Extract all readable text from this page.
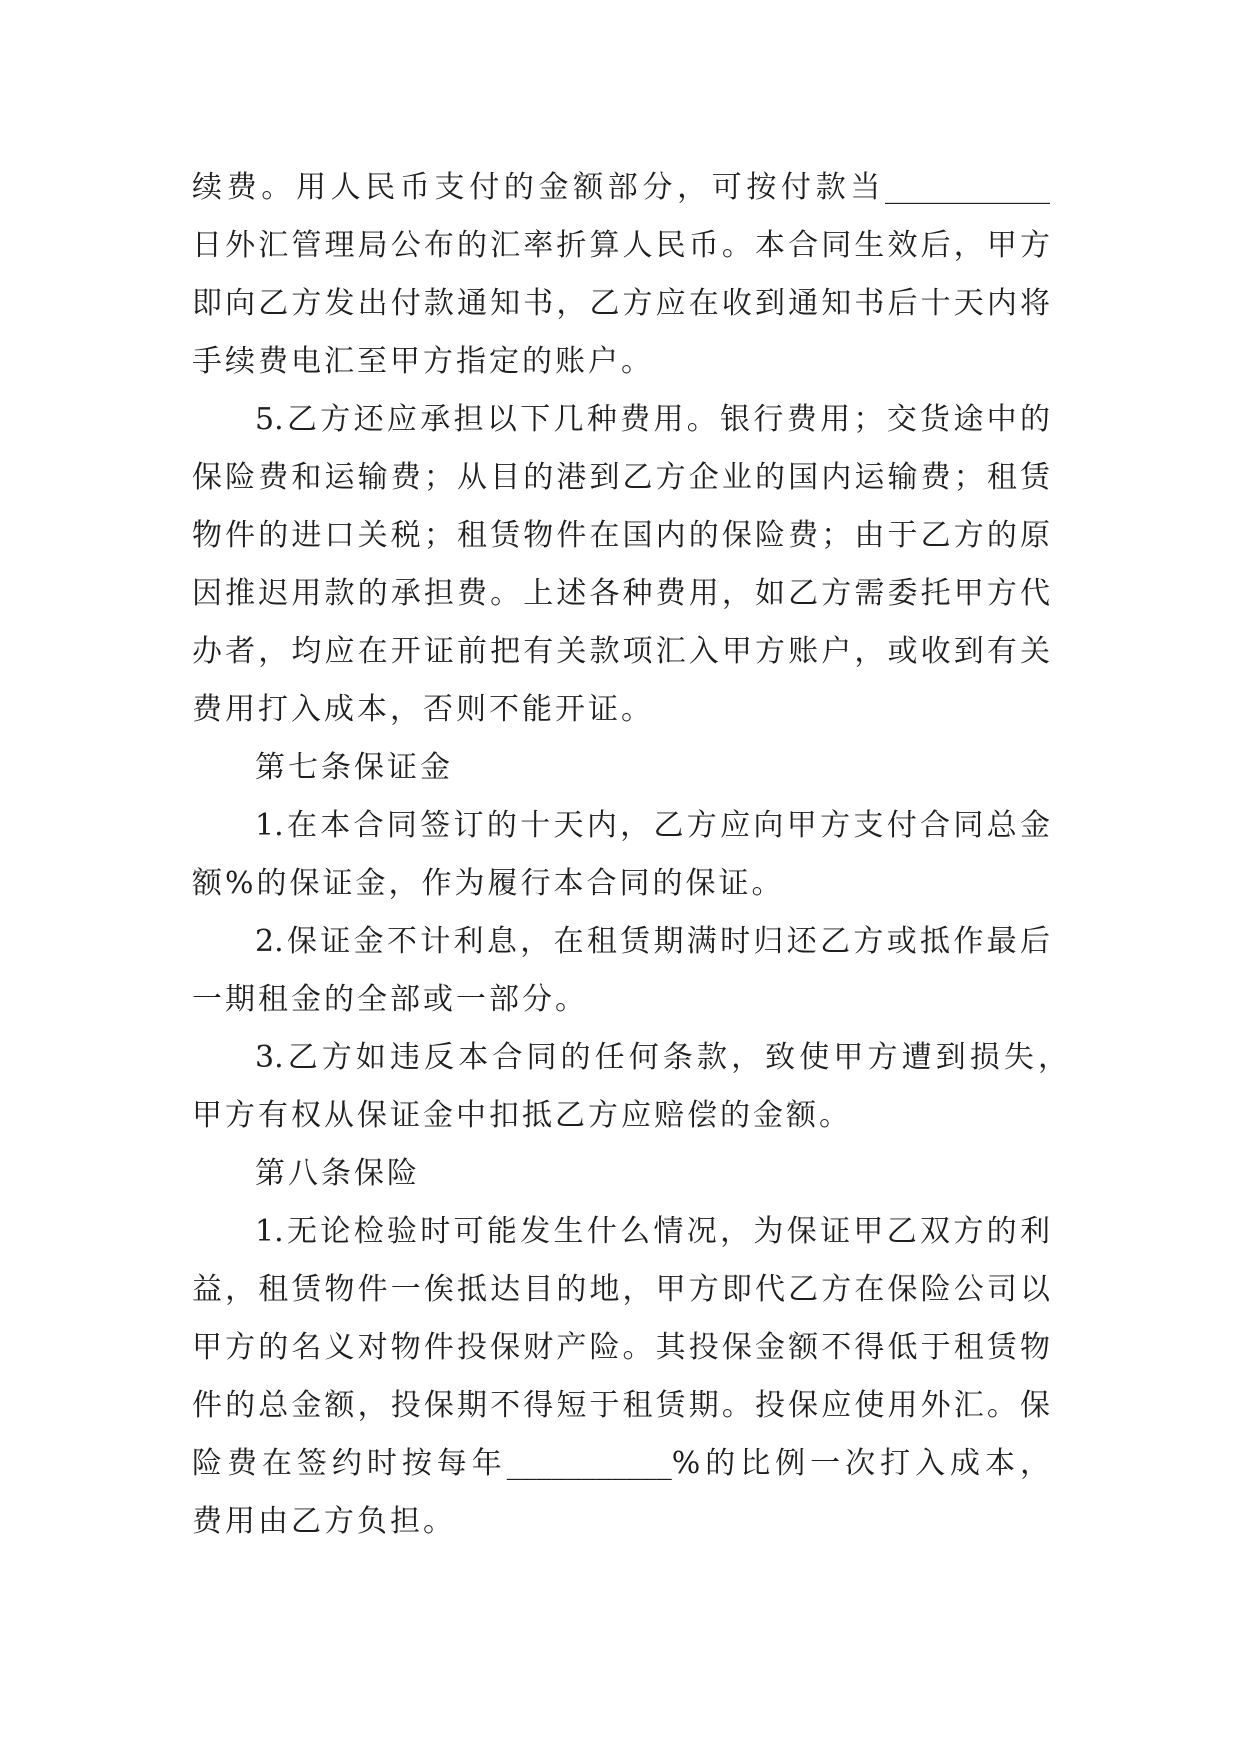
续费。用人民币支付的金额部分，可按付款当___________
日外汇管理局公布的汇率折算人民币。本合同生效后，甲方
即向乙方发出付款通知书，乙方应在收到通知书后十天内将
手续费电汇至甲方指定的账户。
5.乙方还应承担以下几种费用。银行费用；交货途中的
保险费和运输费；从目的港到乙方企业的国内运输费；租赁
物件的进口关税；租赁物件在国内的保险费；由于乙方的原
因推迟用款的承担费。上述各种费用，如乙方需委托甲方代
办者，均应在开证前把有关款项汇入甲方账户，或收到有关
费用打入成本，否则不能开证。
第七条保证金
1.在本合同签订的十天内，乙方应向甲方支付合同总金
额%的保证金，作为履行本合同的保证。
2.保证金不计利息，在租赁期满时归还乙方或抵作最后
一期租金的全部或一部分。
3.乙方如违反本合同的任何条款，致使甲方遭到损失，
甲方有权从保证金中扣抵乙方应赔偿的金额。
第八条保险
1.无论检验时可能发生什么情况，为保证甲乙双方的利
益，租赁物件一俟抵达目的地，甲方即代乙方在保险公司以
甲方的名义对物件投保财产险。其投保金额不得低于租赁物
件的总金额，投保期不得短于租赁期。投保应使用外汇。保
险费在签约时按每年___________%的比例一次打入成本，
费用由乙方负担。
